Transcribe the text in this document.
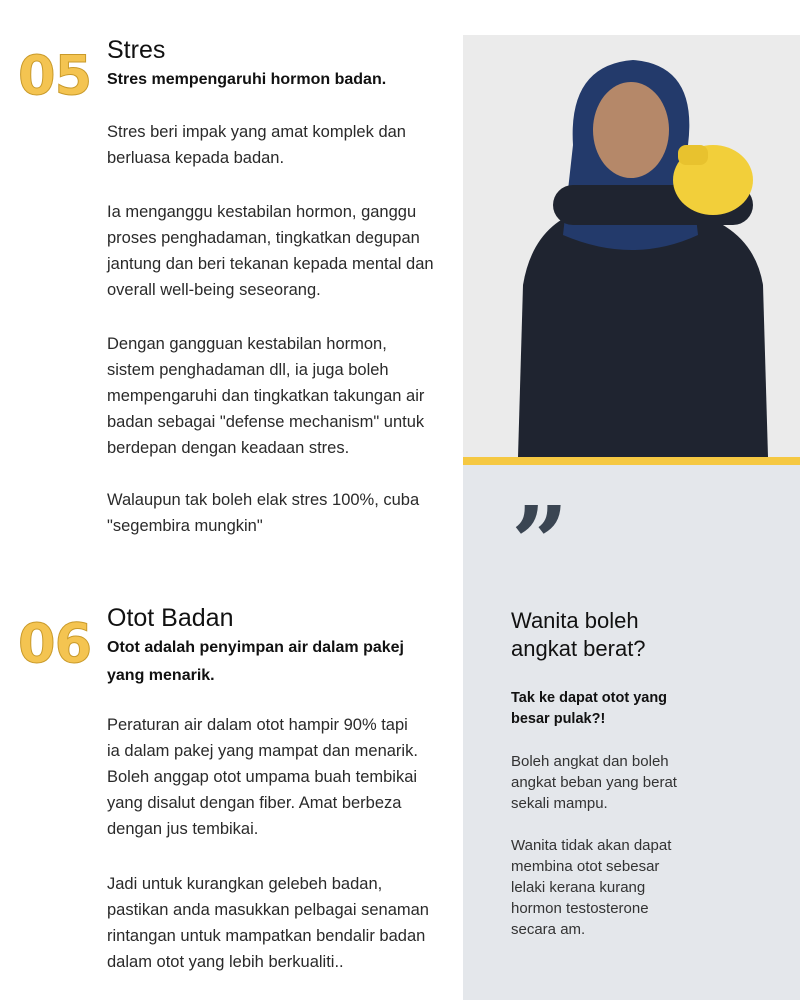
05 Stres
Stres mempengaruhi hormon badan.
Stres beri impak yang amat komplek dan
berluasa kepada badan.
Ia menganggu kestabilan hormon, ganggu
proses penghadaman, tingkatkan degupan
jantung dan beri tekanan kepada mental dan
overall well-being seseorang.
Dengan gangguan kestabilan hormon,
sistem penghadaman dll, ia juga boleh
mempengaruhi dan tingkatkan takungan air
badan sebagai "defense mechanism" untuk
berdepan dengan keadaan stres.
Walaupun tak boleh elak stres 100%, cuba
"segembira mungkin"
06 Otot Badan
Otot adalah penyimpan air dalam pakej
yang menarik.
Peraturan air dalam otot hampir 90% tapi
ia dalam pakej yang mampat dan menarik.
Boleh anggap otot umpama buah tembikai
yang disalut dengan fiber. Amat berbeza
dengan jus tembikai.
Jadi untuk kurangkan gelebeh badan,
pastikan anda masukkan pelbagai senaman
rintangan untuk mampatkan bendalir badan
dalam otot yang lebih berkualiti..
”
Wanita boleh
angkat berat?
Tak ke dapat otot yang
besar pulak?!
Boleh angkat dan boleh
angkat beban yang berat
sekali mampu.
Wanita tidak akan dapat
membina otot sebesar
lelaki kerana kurang
hormon testosterone
secara am.
